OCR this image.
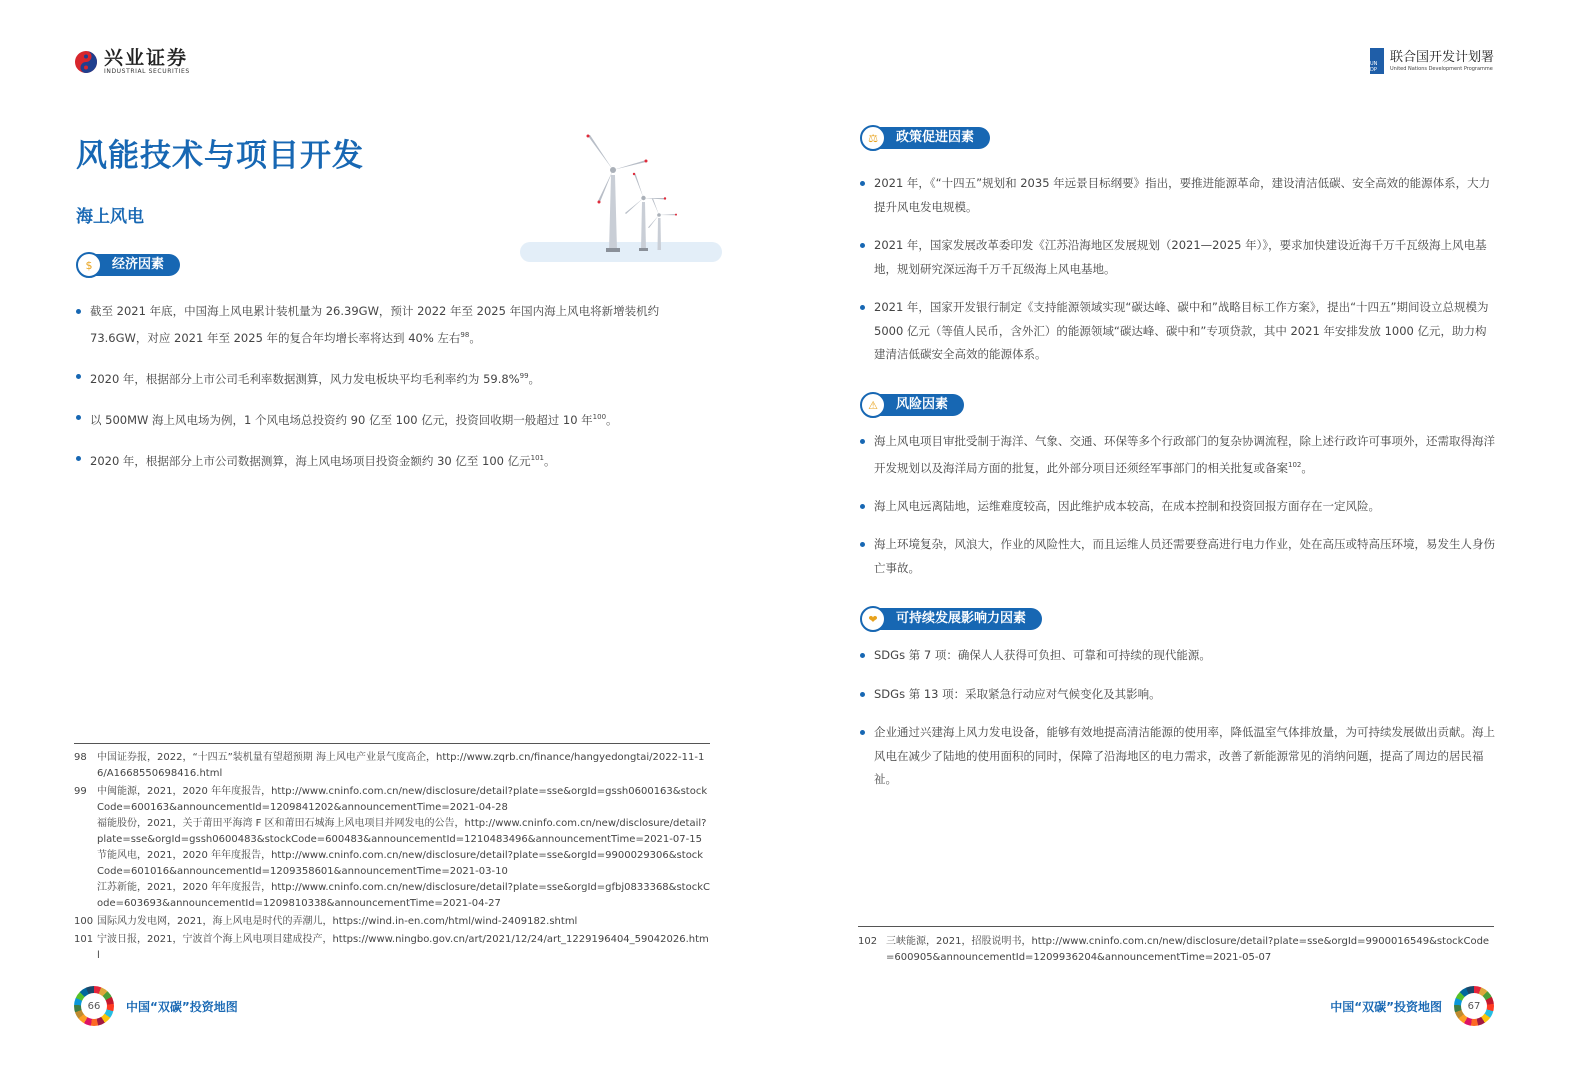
兴业证券
INDUSTRIAL SECURITIES
UN DP
联合国开发计划署
United Nations Development Programme
风能技术与项目开发
海上风电
$	经济因素
截至 2021 年底，中国海上风电累计装机量为 26.39GW，预计 2022 年至 2025 年国内海上风电将新增装机约 73.6GW，对应 2021 年至 2025 年的复合年均增长率将达到 40% 左右$^{98}$。
2020 年，根据部分上市公司毛利率数据测算，风力发电板块平均毛利率约为 59.8%$^{99}$。
以 500MW 海上风电场为例，1 个风电场总投资约 90 亿至 100 亿元，投资回收期一般超过 10 年$^{100}$。
2020 年，根据部分上市公司数据测算，海上风电场项目投资金额约 30 亿至 100 亿元$^{101}$。
98	中国证券报，2022，“十四五”装机量有望超预期 海上风电产业景气度高企，http://www.zqrb.cn/finance/hangyedongtai/2022-11-16/A1668550698416.html
99	中闽能源，2021，2020 年年度报告，http://www.cninfo.com.cn/new/disclosure/detail?plate=sse&orgId=gssh0600163&stockCode=600163&announcementId=1209841202&announcementTime=2021-04-28
福能股份，2021，关于莆田平海湾 F 区和莆田石城海上风电项目并网发电的公告，http://www.cninfo.com.cn/new/disclosure/detail?plate=sse&orgId=gssh0600483&stockCode=600483&announcementId=1210483496&announcementTime=2021-07-15
节能风电，2021，2020 年年度报告，http://www.cninfo.com.cn/new/disclosure/detail?plate=sse&orgId=9900029306&stockCode=601016&announcementId=1209358601&announcementTime=2021-03-10
江苏新能，2021，2020 年年度报告，http://www.cninfo.com.cn/new/disclosure/detail?plate=sse&orgId=gfbj0833368&stockCode=603693&announcementId=1209810338&announcementTime=2021-04-27
100 国际风力发电网，2021，海上风电是时代的弄潮儿，https://wind.in-en.com/html/wind-2409182.shtml
101 宁波日报，2021，宁波首个海上风电项目建成投产，https://www.ningbo.gov.cn/art/2021/12/24/art_1229196404_59042026.html
66	中国“双碳”投资地图
⚖	政策促进因素
2021 年，《“十四五”规划和 2035 年远景目标纲要》指出，要推进能源革命，建设清洁低碳、安全高效的能源体系，大力提升风电发电规模。
2021 年，国家发展改革委印发《江苏沿海地区发展规划（2021—2025 年）》，要求加快建设近海千万千瓦级海上风电基地，规划研究深远海千万千瓦级海上风电基地。
2021 年，国家开发银行制定《支持能源领域实现“碳达峰、碳中和”战略目标工作方案》，提出“十四五”期间设立总规模为 5000 亿元（等值人民币，含外汇）的能源领域“碳达峰、碳中和”专项贷款，其中 2021 年安排发放 1000 亿元，助力构建清洁低碳安全高效的能源体系。
⚠	风险因素
海上风电项目审批受制于海洋、气象、交通、环保等多个行政部门的复杂协调流程，除上述行政许可事项外，还需取得海洋开发规划以及海洋局方面的批复，此外部分项目还须经军事部门的相关批复或备案$^{102}$。
海上风电远离陆地，运维难度较高，因此维护成本较高，在成本控制和投资回报方面存在一定风险。
海上环境复杂，风浪大，作业的风险性大，而且运维人员还需要登高进行电力作业，处在高压或特高压环境，易发生人身伤亡事故。
❤	可持续发展影响力因素
SDGs 第 7 项：确保人人获得可负担、可靠和可持续的现代能源。
SDGs 第 13 项：采取紧急行动应对气候变化及其影响。
企业通过兴建海上风力发电设备，能够有效地提高清洁能源的使用率，降低温室气体排放量，为可持续发展做出贡献。海上风电在减少了陆地的使用面积的同时，保障了沿海地区的电力需求，改善了新能源常见的消纳问题，提高了周边的居民福祉。
102 三峡能源，2021，招股说明书，http://www.cninfo.com.cn/new/disclosure/detail?plate=sse&orgId=9900016549&stockCode=600905&announcementId=1209936204&announcementTime=2021-05-07
中国“双碳”投资地图	67
